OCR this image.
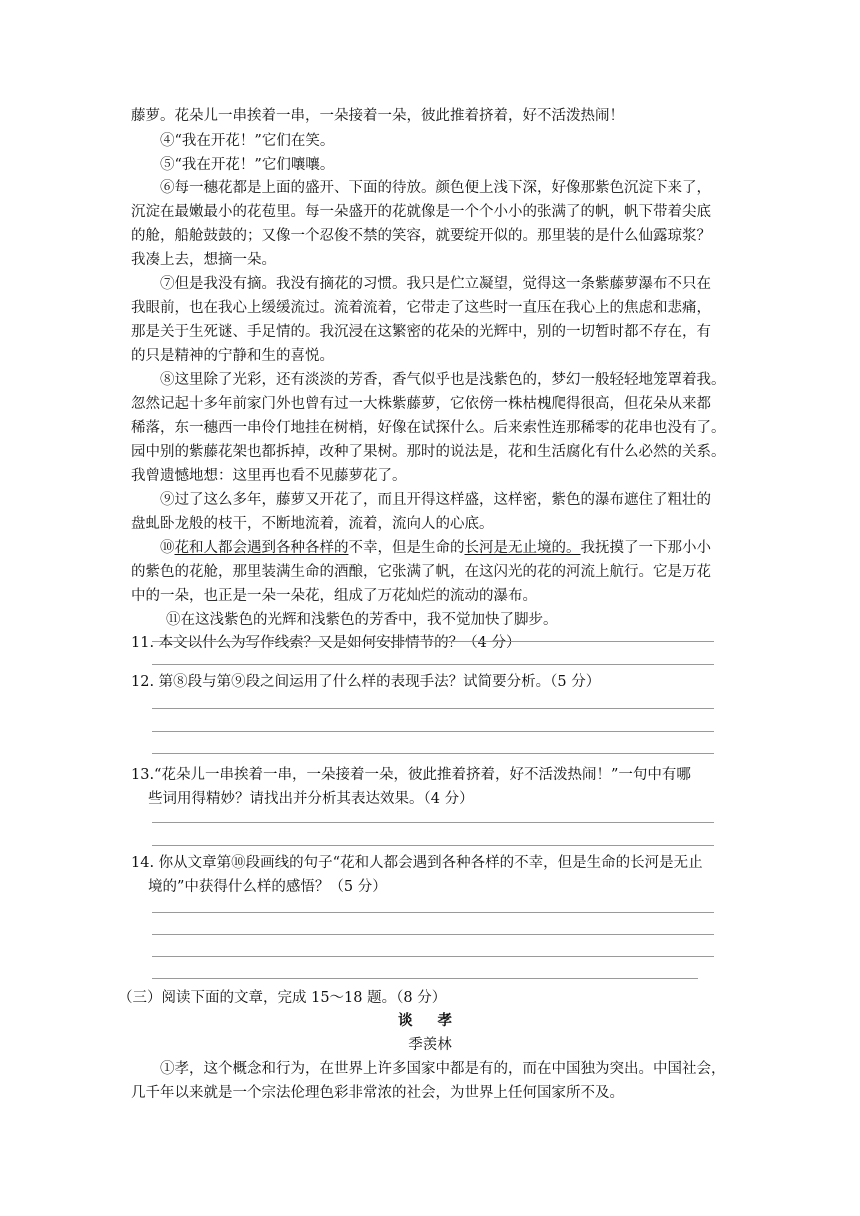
藤萝。花朵儿一串挨着一串，一朵接着一朵，彼此推着挤着，好不活泼热闹！
④“我在开花！”它们在笑。
⑤“我在开花！”它们嚷嚷。
⑥每一穗花都是上面的盛开、下面的待放。颜色便上浅下深，好像那紫色沉淀下来了，
沉淀在最嫩最小的花苞里。每一朵盛开的花就像是一个个小小的张满了的帆，帆下带着尖底
的舱，船舱鼓鼓的；又像一个忍俊不禁的笑容，就要绽开似的。那里装的是什么仙露琼浆？
我凑上去，想摘一朵。
⑦但是我没有摘。我没有摘花的习惯。我只是伫立凝望，觉得这一条紫藤萝瀑布不只在
我眼前，也在我心上缓缓流过。流着流着，它带走了这些时一直压在我心上的焦虑和悲痛，
那是关于生死谜、手足情的。我沉浸在这繁密的花朵的光辉中，别的一切暂时都不存在，有
的只是精神的宁静和生的喜悦。
⑧这里除了光彩，还有淡淡的芳香，香气似乎也是浅紫色的，梦幻一般轻轻地笼罩着我。
忽然记起十多年前家门外也曾有过一大株紫藤萝，它依傍一株枯槐爬得很高，但花朵从来都
稀落，东一穗西一串伶仃地挂在树梢，好像在试探什么。后来索性连那稀零的花串也没有了。
园中别的紫藤花架也都拆掉，改种了果树。那时的说法是，花和生活腐化有什么必然的关系。
我曾遗憾地想：这里再也看不见藤萝花了。
⑨过了这么多年，藤萝又开花了，而且开得这样盛，这样密，紫色的瀑布遮住了粗壮的
盘虬卧龙般的枝干，不断地流着，流着，流向人的心底。
⑩花和人都会遇到各种各样的不幸，但是生命的长河是无止境的。我抚摸了一下那小小
的紫色的花舱，那里装满生命的酒酿，它张满了帆，在这闪光的花的河流上航行。它是万花
中的一朵，也正是一朵一朵花，组成了万花灿烂的流动的瀑布。
⑪在这浅紫色的光辉和浅紫色的芳香中，我不觉加快了脚步。
11. 本文以什么为写作线索？又是如何安排情节的？（4 分）
12. 第⑧段与第⑨段之间运用了什么样的表现手法？试简要分析。（5 分）
13.“花朵儿一串挨着一串，一朵接着一朵，彼此推着挤着，好不活泼热闹！”一句中有哪
些词用得精妙？请找出并分析其表达效果。（4 分）
14. 你从文章第⑩段画线的句子“花和人都会遇到各种各样的不幸，但是生命的长河是无止
境的”中获得什么样的感悟？（5 分）
（三）阅读下面的文章，完成 15～18 题。（8 分）
谈 孝
季羡林
①孝，这个概念和行为，在世界上许多国家中都是有的，而在中国独为突出。中国社会，
几千年以来就是一个宗法伦理色彩非常浓的社会，为世界上任何国家所不及。
